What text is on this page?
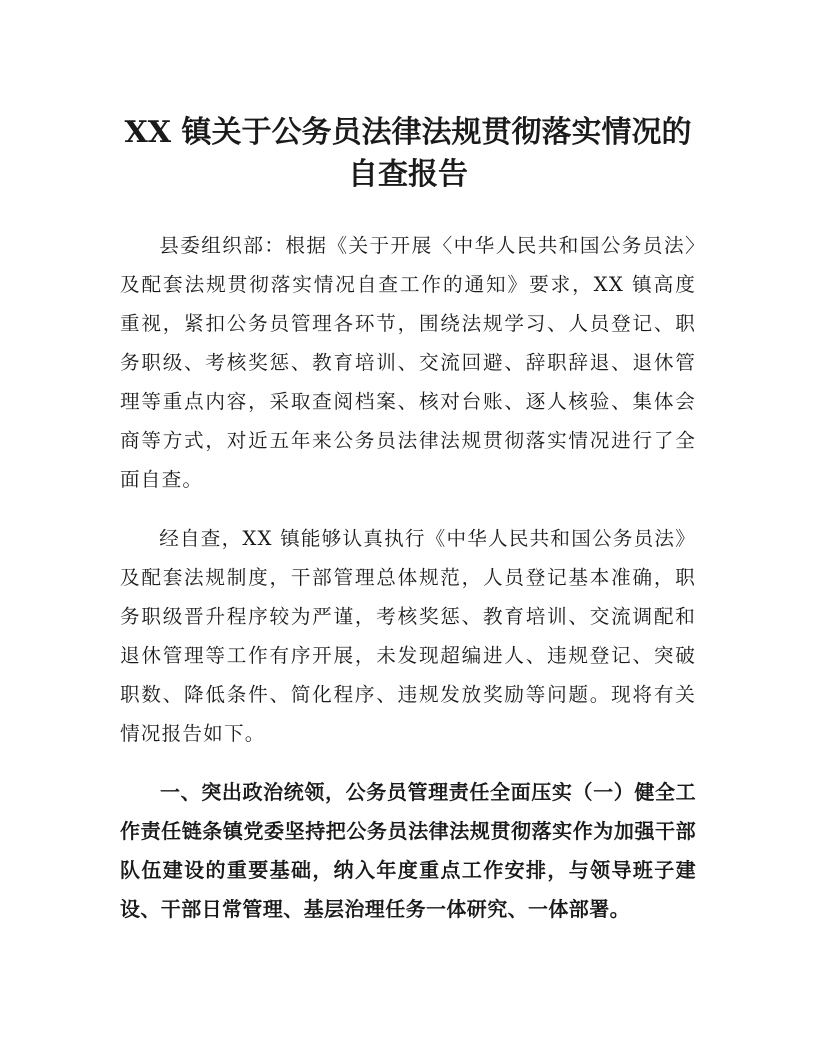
XX 镇关于公务员法律法规贯彻落实情况的
自查报告

县委组织部：根据《关于开展〈中华人民共和国公务员法〉及配套法规贯彻落实情况自查工作的通知》要求，XX 镇高度重视，紧扣公务员管理各环节，围绕法规学习、人员登记、职务职级、考核奖惩、教育培训、交流回避、辞职辞退、退休管理等重点内容，采取查阅档案、核对台账、逐人核验、集体会商等方式，对近五年来公务员法律法规贯彻落实情况进行了全面自查。

经自查，XX 镇能够认真执行《中华人民共和国公务员法》及配套法规制度，干部管理总体规范，人员登记基本准确，职务职级晋升程序较为严谨，考核奖惩、教育培训、交流调配和退休管理等工作有序开展，未发现超编进人、违规登记、突破职数、降低条件、简化程序、违规发放奖励等问题。现将有关情况报告如下。

一、突出政治统领，公务员管理责任全面压实（一）健全工作责任链条镇党委坚持把公务员法律法规贯彻落实作为加强干部队伍建设的重要基础，纳入年度重点工作安排，与领导班子建设、干部日常管理、基层治理任务一体研究、一体部署。
